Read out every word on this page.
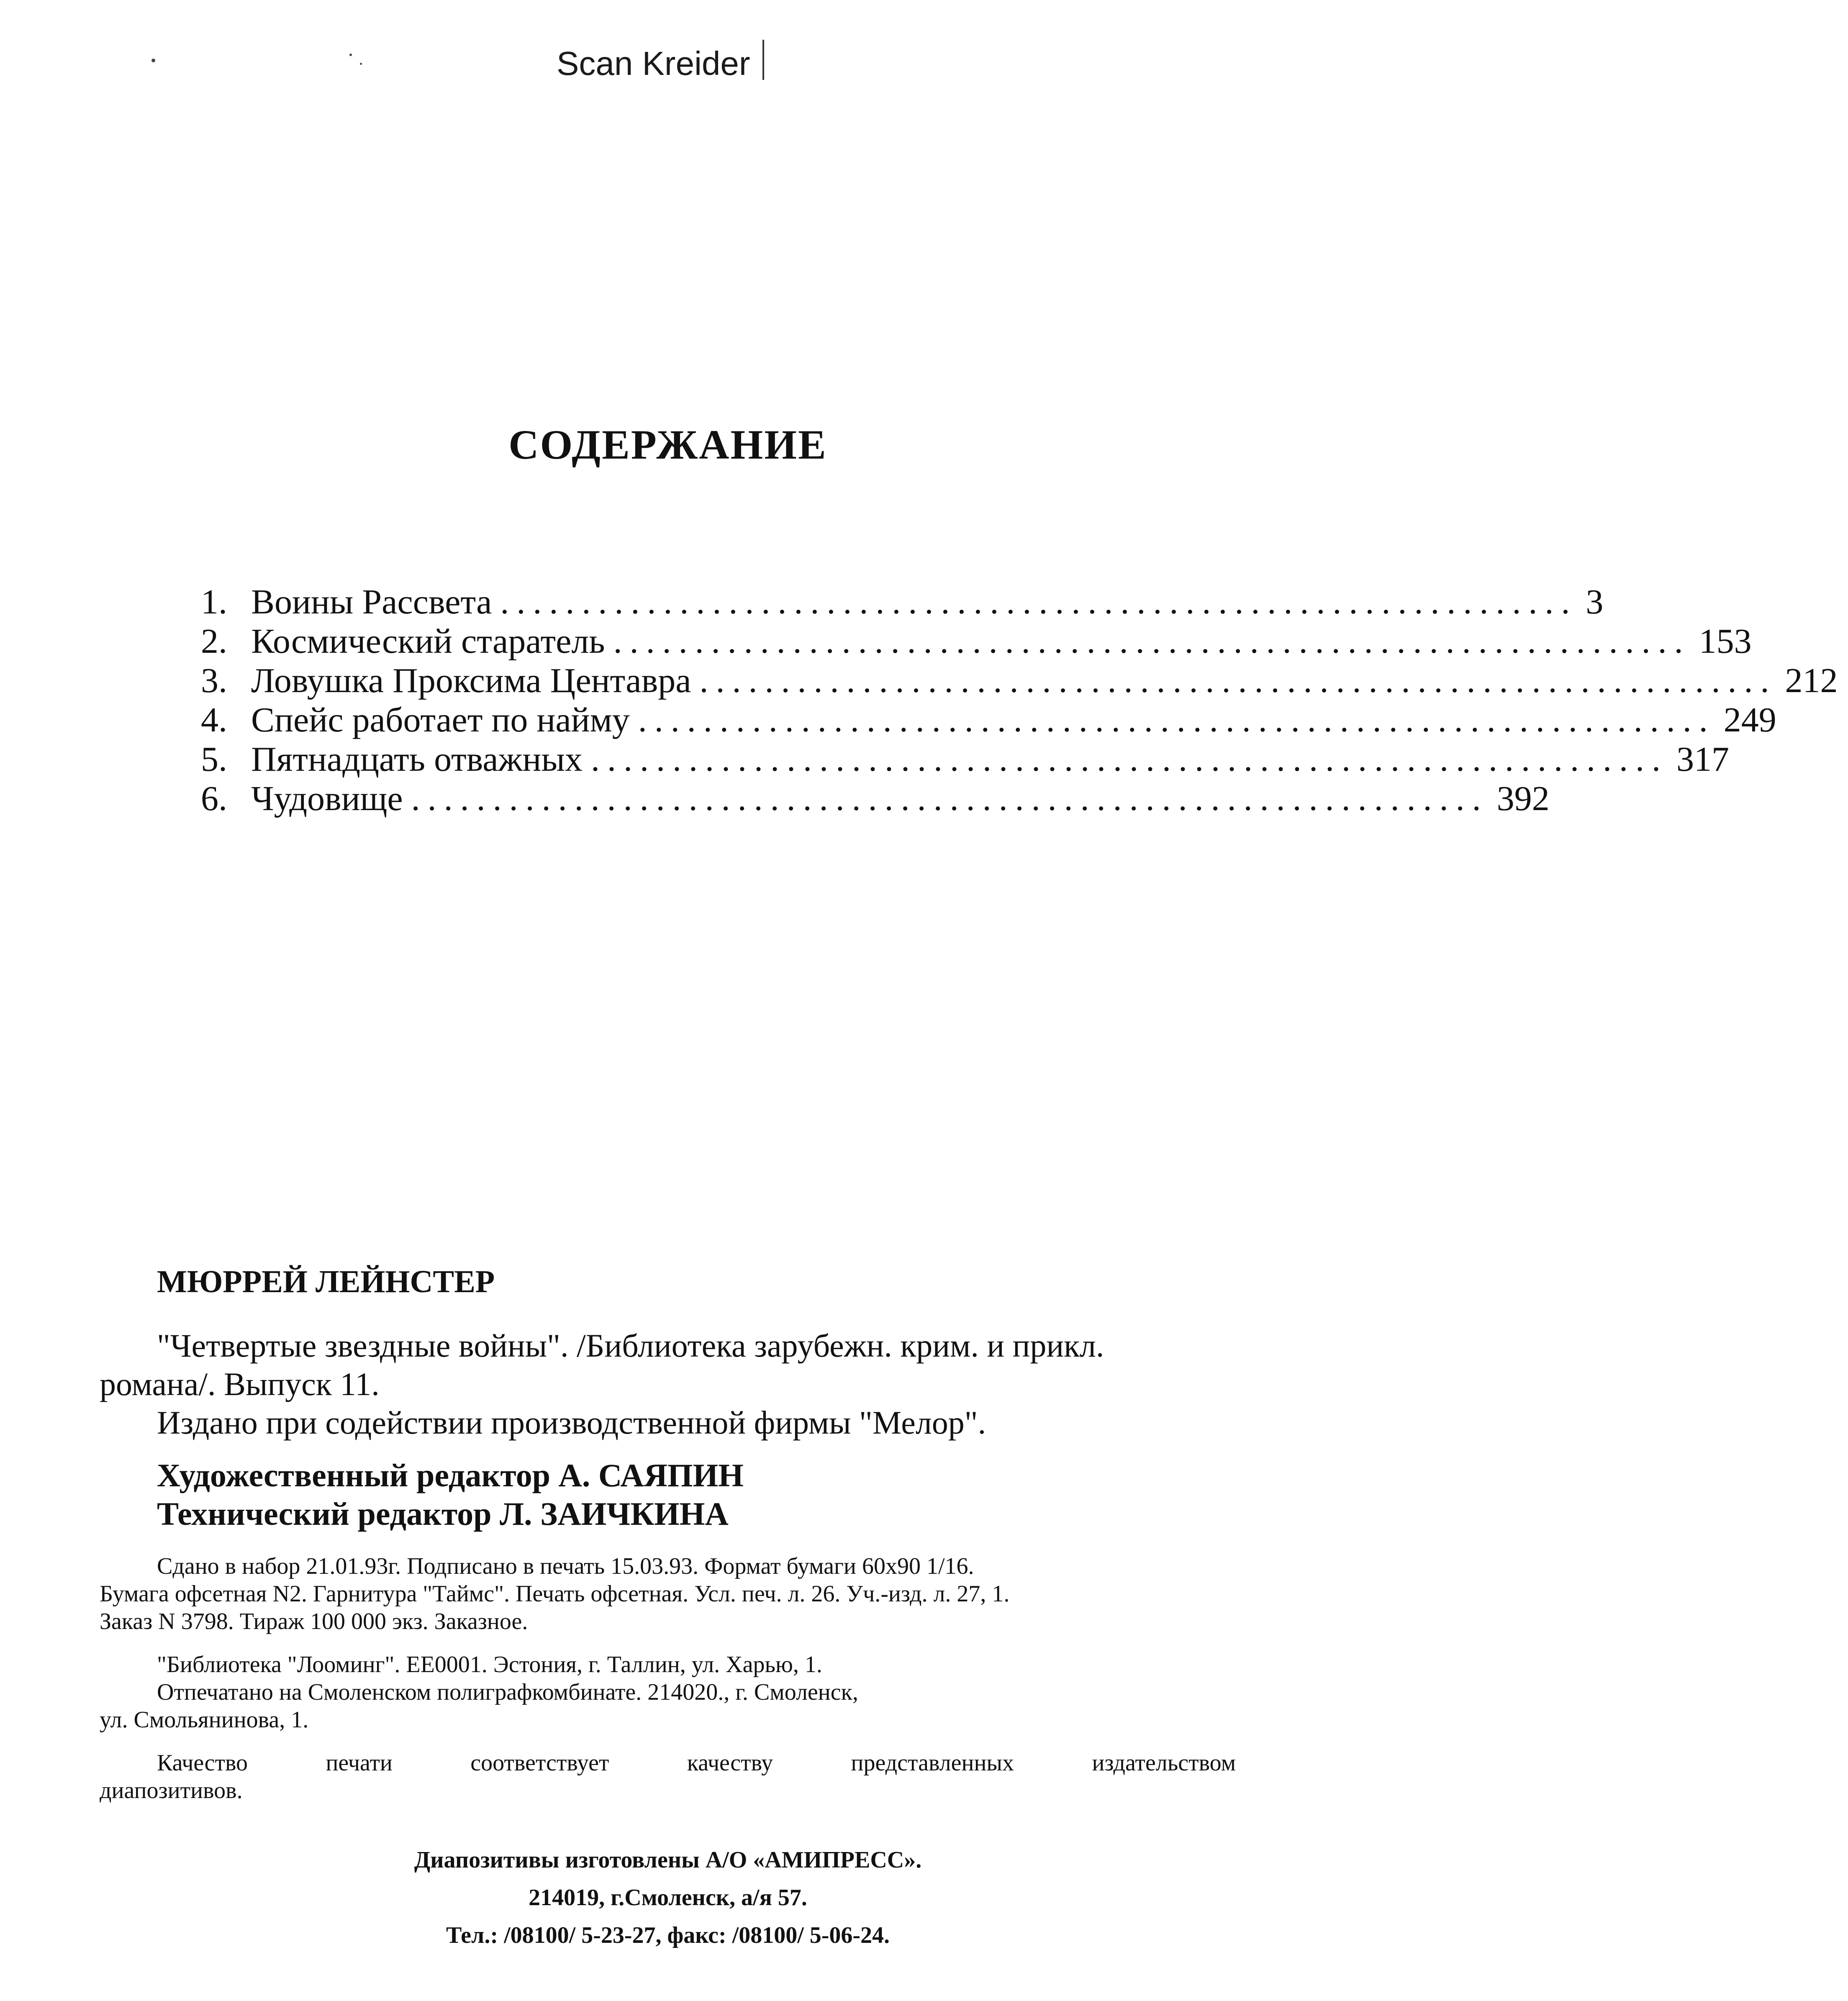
Scan Kreider
СОДЕРЖАНИЕ
1. Воины Рассвета .................................................................. 3
2. Космический старатель .................................................................. 153
3. Ловушка Проксима Центавра .................................................................. 212
4. Спейс работает по найму .................................................................. 249
5. Пятнадцать отважных .................................................................. 317
6. Чудовище .................................................................. 392
МЮРРЕЙ ЛЕЙНСТЕР
"Четвертые звездные войны". /Библиотека зарубежн. крим. и прикл.
романа/. Выпуск 11.
Издано при содействии производственной фирмы "Мелор".
Художественный редактор А. САЯПИН
Технический редактор Л. ЗАИЧКИНА
Сдано в набор 21.01.93г. Подписано в печать 15.03.93. Формат бумаги 60х90 1/16.
Бумага офсетная N2. Гарнитура "Таймс". Печать офсетная. Усл. печ. л. 26. Уч.-изд. л. 27, 1.
Заказ N 3798. Тираж 100 000 экз. Заказное.
"Библиотека "Лооминг". ЕЕ0001. Эстония, г. Таллин, ул. Харью, 1.
Отпечатано на Смоленском полиграфкомбинате. 214020., г. Смоленск,
ул. Смольянинова, 1.
Качество	печати	соответствует	качеству	представленных	издательством
диапозитивов.
Диапозитивы изготовлены А/О «АМИПРЕСС».
214019, г.Смоленск, а/я 57.
Тел.: /08100/ 5-23-27, факс: /08100/ 5-06-24.
